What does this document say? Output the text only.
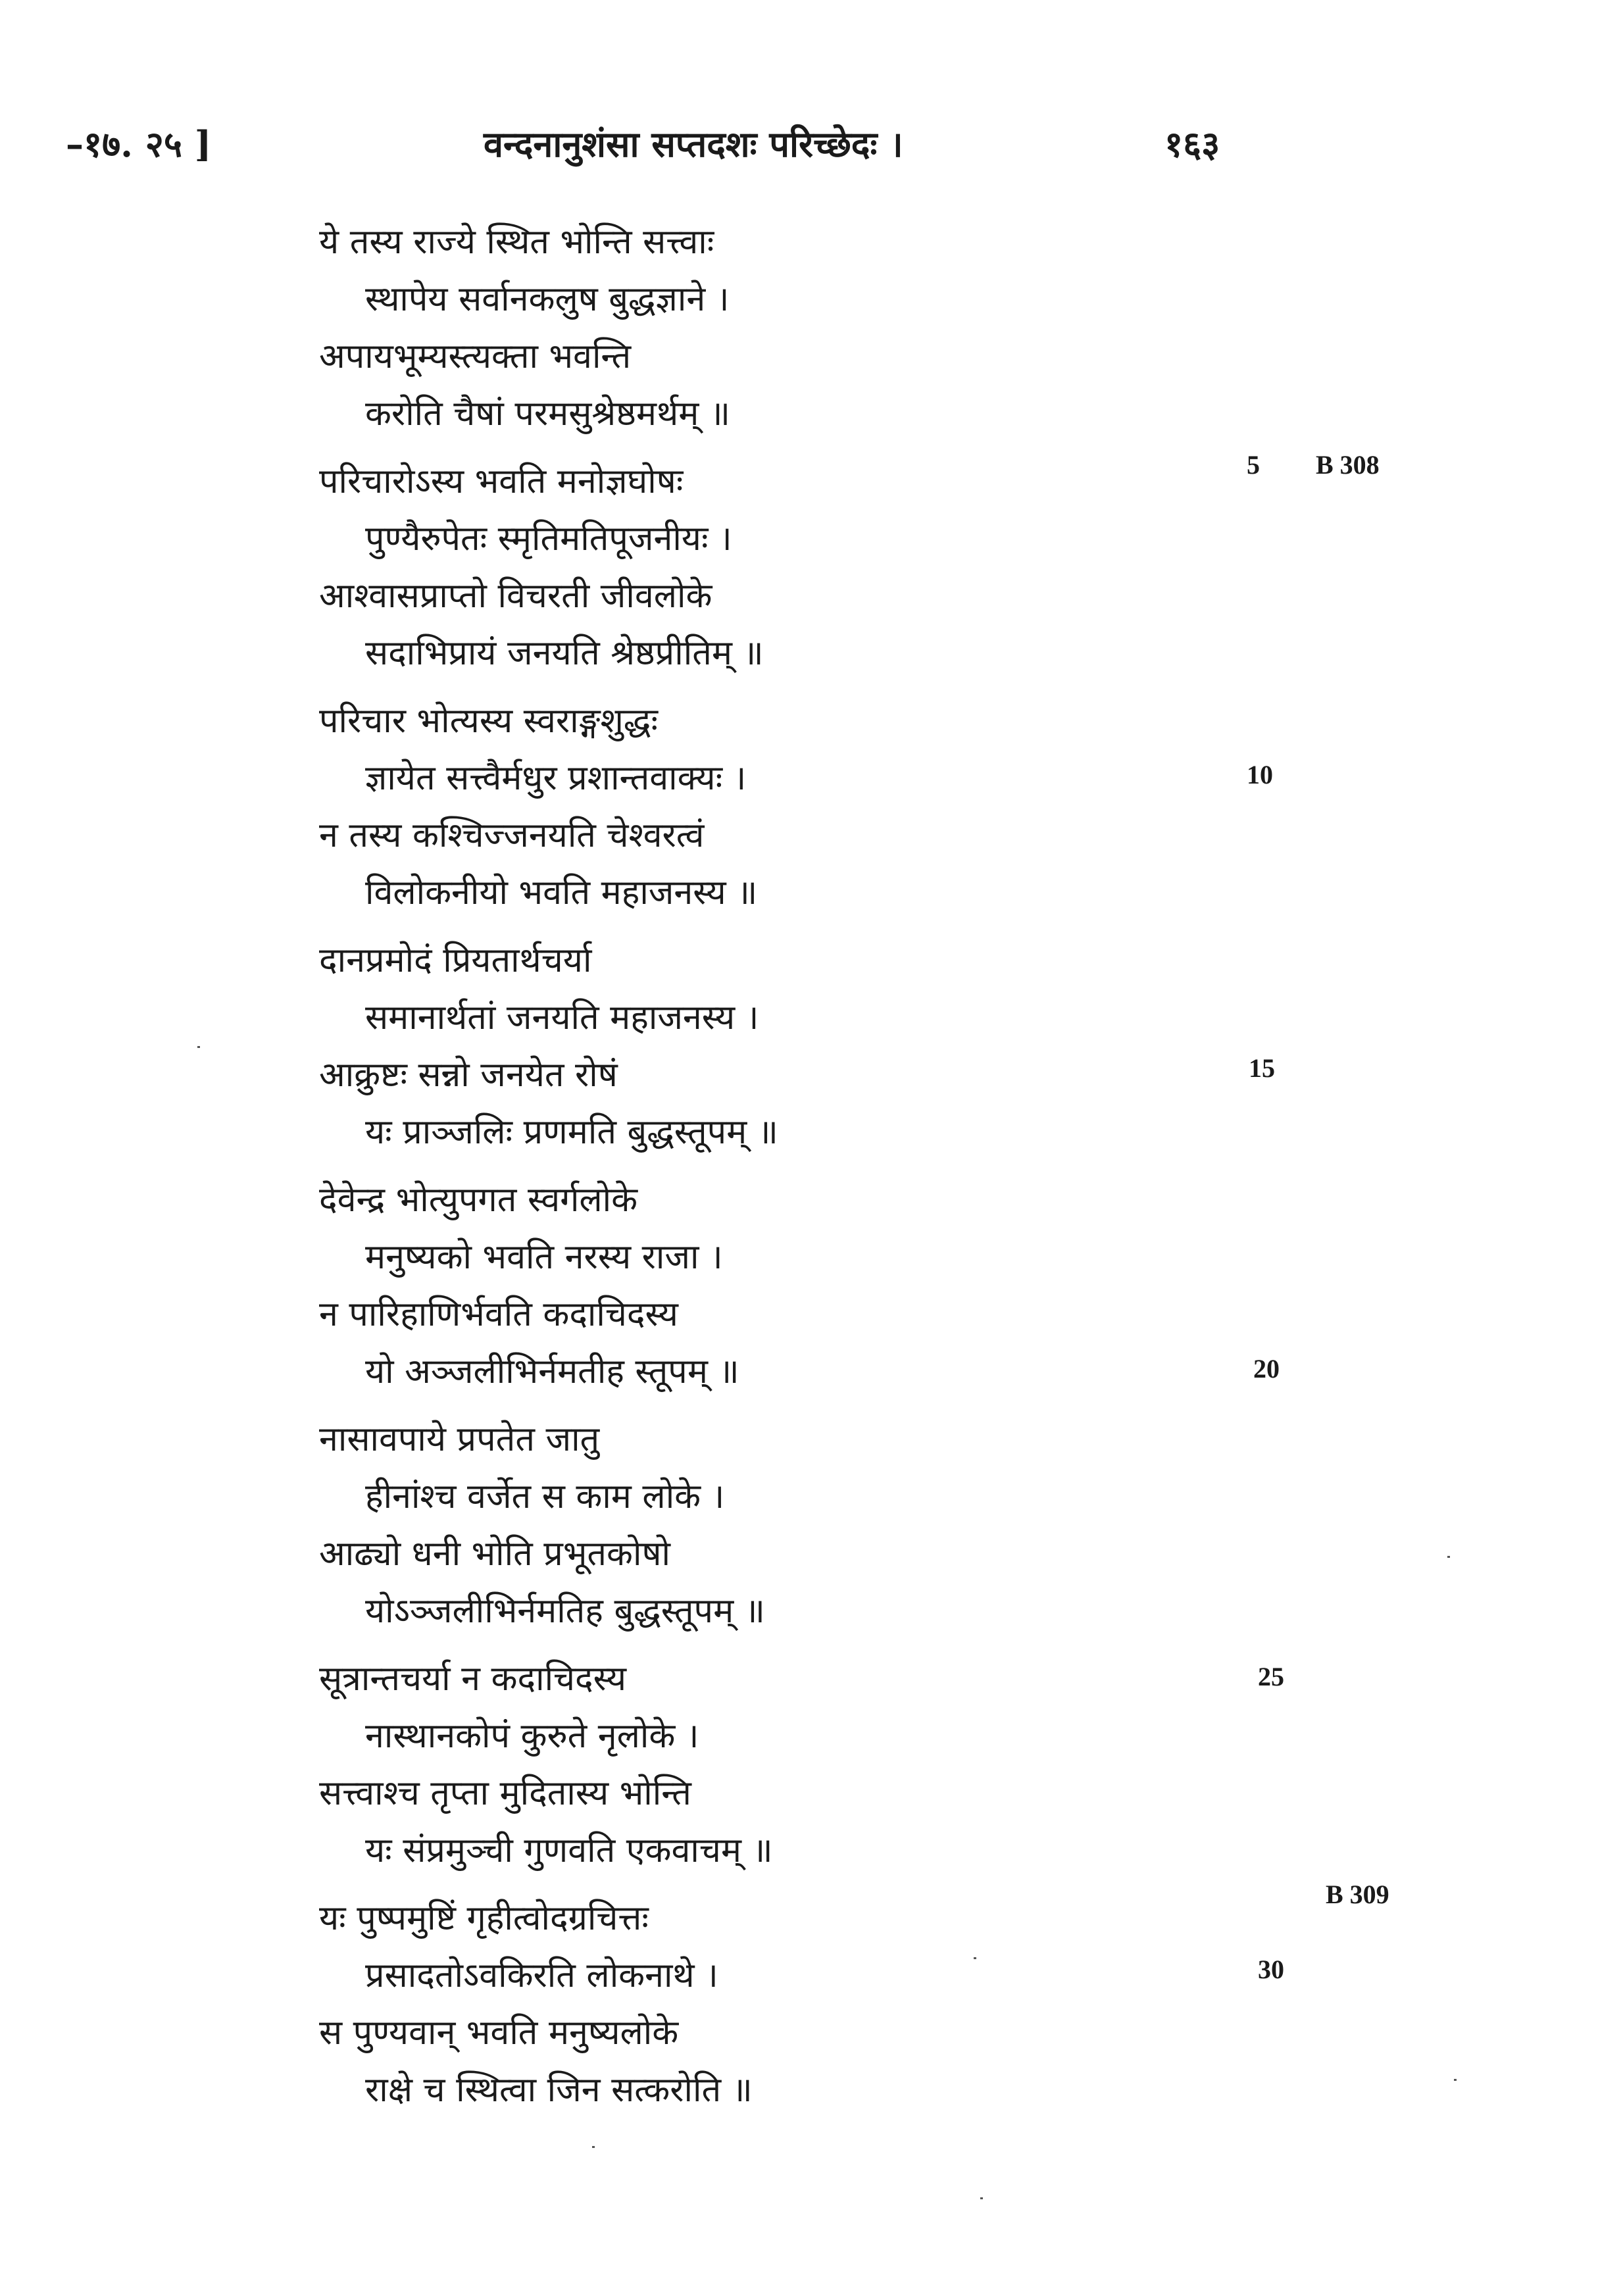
–१७. २५ ]	वन्दनानुशंसा सप्तदशः परिच्छेदः ।	१६३
ये तस्य राज्ये स्थित भोन्ति सत्त्वाः
स्थापेय सर्वानकलुष बुद्धज्ञाने ।
अपायभूम्यस्त्यक्ता भवन्ति
करोति चैषां परमसुश्रेष्ठमर्थम् ॥
परिचारोऽस्य भवति मनोज्ञघोषः
पुण्यैरुपेतः स्मृतिमतिपूजनीयः ।
आश्वासप्राप्तो विचरती जीवलोके
सदाभिप्रायं जनयति श्रेष्ठप्रीतिम् ॥
परिचार भोत्यस्य स्वराङ्गशुद्धः
ज्ञायेत सत्त्वैर्मधुर प्रशान्तवाक्यः ।
न तस्य कश्चिज्जनयति चेश्वरत्वं
विलोकनीयो भवति महाजनस्य ॥
दानप्रमोदं प्रियतार्थचर्या
समानार्थतां जनयति महाजनस्य ।
आक्रुष्टः सन्नो जनयेत रोषं
यः प्राञ्जलिः प्रणमति बुद्धस्तूपम् ॥
देवेन्द्र भोत्युपगत स्वर्गलोके
मनुष्यको भवति नरस्य राजा ।
न पारिहाणिर्भवति कदाचिदस्य
यो अञ्जलीभिर्नमतीह स्तूपम् ॥
नासावपाये प्रपतेत जातु
हीनांश्च वर्जेत स काम लोके ।
आढ्यो धनी भोति प्रभूतकोषो
योऽञ्जलीभिर्नमतिह बुद्धस्तूपम् ॥
सूत्रान्तचर्या न कदाचिदस्य
नास्थानकोपं कुरुते नृलोके ।
सत्त्वाश्च तृप्ता मुदितास्य भोन्ति
यः संप्रमुञ्ची गुणवति एकवाचम् ॥
यः पुष्पमुष्टिं गृहीत्वोदग्रचित्तः
प्रसादतोऽवकिरति लोकनाथे ।
स पुण्यवान् भवति मनुष्यलोके
राक्षे च स्थित्वा जिन सत्करोति ॥
5
10
15
20
25
30
B 308
B 309
